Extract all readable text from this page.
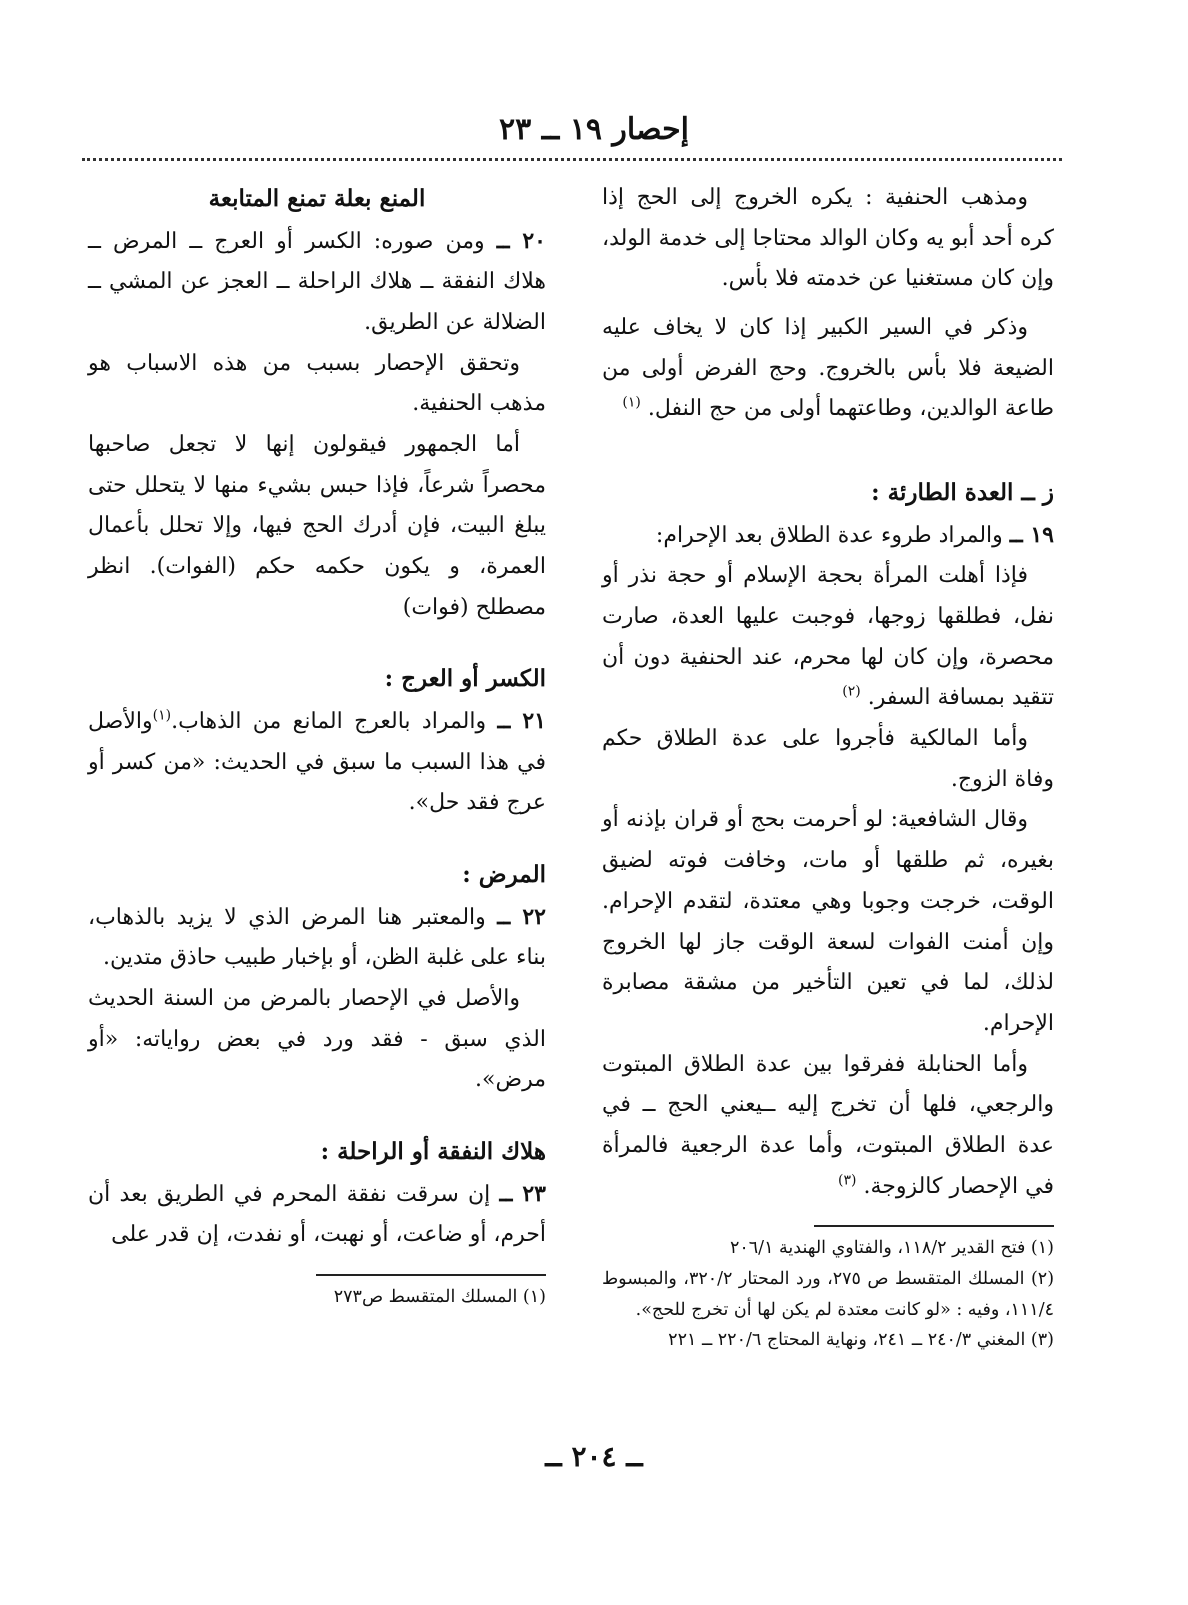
إحصار ١٩ ــ ٢٣

ومذهب الحنفية : يكره الخروج إلى الحج إذا كره أحد أبو يه وكان الوالد محتاجا إلى خدمة الولد، وإن كان مستغنيا عن خدمته فلا بأس.

وذكر في السير الكبير إذا كان لا يخاف عليه الضيعة فلا بأس بالخروج. وحج الفرض أولى من طاعة الوالدين، وطاعتهما أولى من حج النفل. $^{(١)}$

ز ــ العدة الطارئة :

١٩ ــ والمراد طروء عدة الطلاق بعد الإحرام:

فإذا أهلت المرأة بحجة الإسلام أو حجة نذر أو نفل، فطلقها زوجها، فوجبت عليها العدة، صارت محصرة، وإن كان لها محرم، عند الحنفية دون أن تتقيد بمسافة السفر. $^{(٢)}$

وأما المالكية فأجروا على عدة الطلاق حكم وفاة الزوج.

وقال الشافعية: لو أحرمت بحج أو قران بإذنه أو بغيره، ثم طلقها أو مات، وخافت فوته لضيق الوقت، خرجت وجوبا وهي معتدة، لتقدم الإحرام. وإن أمنت الفوات لسعة الوقت جاز لها الخروج لذلك، لما في تعين التأخير من مشقة مصابرة الإحرام.

وأما الحنابلة ففرقوا بين عدة الطلاق المبتوت والرجعي، فلها أن تخرج إليه ــيعني الحج ــ في عدة الطلاق المبتوت، وأما عدة الرجعية فالمرأة في الإحصار كالزوجة. $^{(٣)}$

(١) فتح القدير ١١٨/٢، والفتاوي الهندية ٢٠٦/١

(٢) المسلك المتقسط ص ٢٧٥، ورد المحتار ٣٢٠/٢، والمبسوط ١١١/٤، وفيه : «لو كانت معتدة لم يكن لها أن تخرج للحج».

(٣) المغني ٢٤٠/٣ ــ ٢٤١، ونهاية المحتاج ٢٢٠/٦ ــ ٢٢١

المنع بعلة تمنع المتابعة

٢٠ ــ ومن صوره: الكسر أو العرج ــ المرض ــ هلاك النفقة ــ هلاك الراحلة ــ العجز عن المشي ــ الضلالة عن الطريق.

وتحقق الإحصار بسبب من هذه الاسباب هو مذهب الحنفية.

أما الجمهور فيقولون إنها لا تجعل صاحبها محصراً شرعاً، فإذا حبس بشيء منها لا يتحلل حتى يبلغ البيت، فإن أدرك الحج فيها، وإلا تحلل بأعمال العمرة، و يكون حكمه حكم (الفوات). انظر مصطلح (فوات)

الكسر أو العرج :

٢١ ــ والمراد بالعرج المانع من الذهاب.$^{(١)}$والأصل في هذا السبب ما سبق في الحديث: «من كسر أو عرج فقد حل».

المرض :

٢٢ ــ والمعتبر هنا المرض الذي لا يزيد بالذهاب، بناء على غلبة الظن، أو بإخبار طبيب حاذق متدين.

والأصل في الإحصار بالمرض من السنة الحديث الذي سبق - فقد ورد في بعض رواياته: «أو مرض».

هلاك النفقة أو الراحلة :

٢٣ ــ إن سرقت نفقة المحرم في الطريق بعد أن أحرم، أو ضاعت، أو نهبت، أو نفدت، إن قدر على

(١) المسلك المتقسط ص٢٧٣

ــ ٢٠٤ ــ
